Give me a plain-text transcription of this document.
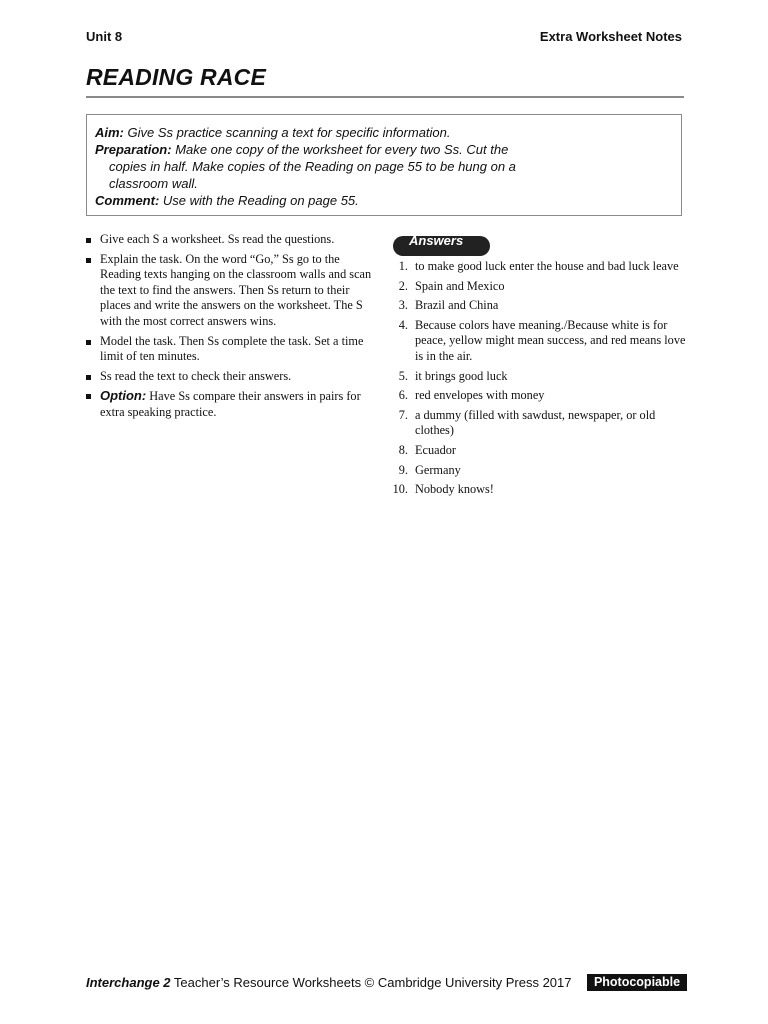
Unit 8	Extra Worksheet Notes
READING RACE

Aim: Give Ss practice scanning a text for specific information.

Preparation: Make one copy of the worksheet for every two Ss. Cut the

copies in half. Make copies of the Reading on page 55 to be hung on a

classroom wall.

Comment: Use with the Reading on page 55.

Give each S a worksheet. Ss read the questions.
Explain the task. On the word “Go,” Ss go to the Reading texts hanging on the classroom walls and scan the text to find the answers. Then Ss return to their places and write the answers on the worksheet. The S with the most correct answers wins.
Model the task. Then Ss complete the task. Set a time limit of ten minutes.
Ss read the text to check their answers.
Option: Have Ss compare their answers in pairs for extra speaking practice.
Answers
1. to make good luck enter the house and bad luck leave
2. Spain and Mexico
3. Brazil and China
4. Because colors have meaning./Because white is for peace, yellow might mean success, and red means love is in the air.
5. it brings good luck
6. red envelopes with money
7. a dummy (filled with sawdust, newspaper, or old clothes)
8. Ecuador
9. Germany
10. Nobody knows!
Interchange 2 Teacher’s Resource Worksheets © Cambridge University Press 2017	Photocopiable
